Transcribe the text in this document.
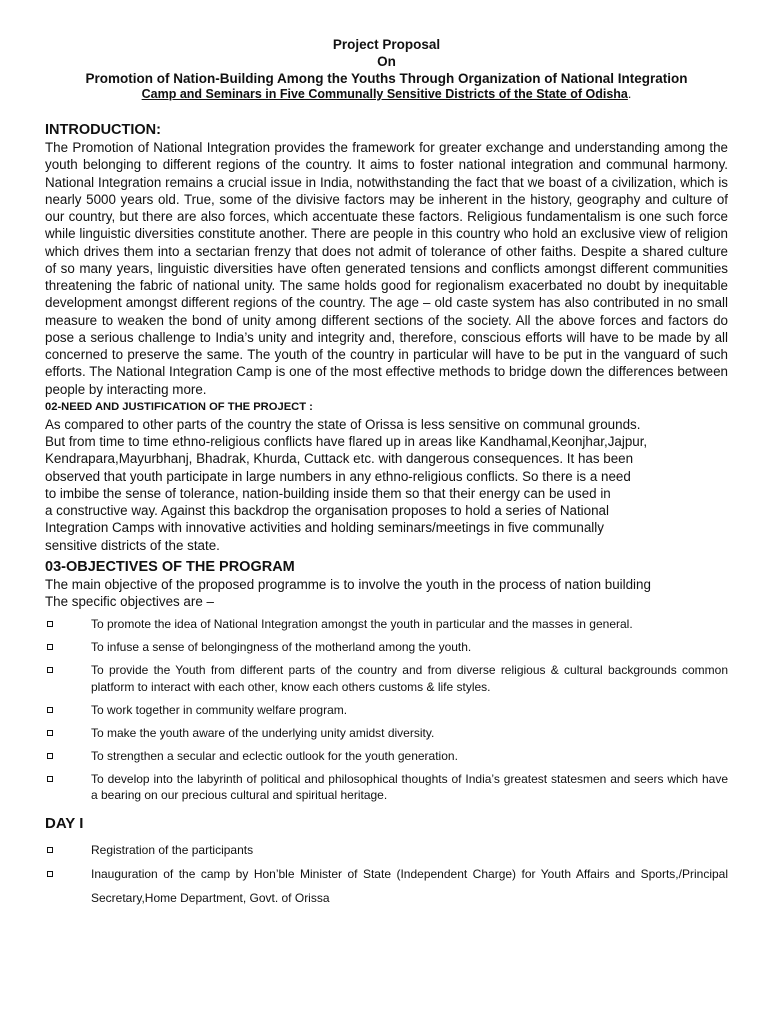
Project Proposal
On
Promotion of Nation-Building Among the Youths Through Organization of National Integration
Camp and Seminars in Five Communally Sensitive Districts of the State of Odisha.
INTRODUCTION:

The Promotion of National Integration provides the framework for greater exchange and understanding among the youth belonging to different regions of the country. It aims to foster national integration and communal harmony. National Integration remains a crucial issue in India, notwithstanding the fact that we boast of a civilization, which is nearly 5000 years old. True, some of the divisive factors may be inherent in the history, geography and culture of our country, but there are also forces, which accentuate these factors. Religious fundamentalism is one such force while linguistic diversities constitute another. There are people in this country who hold an exclusive view of religion which drives them into a sectarian frenzy that does not admit of tolerance of other faiths. Despite a shared culture of so many years, linguistic diversities have often generated tensions and conflicts amongst different communities threatening the fabric of national unity. The same holds good for regionalism exacerbated no doubt by inequitable development amongst different regions of the country. The age – old caste system has also contributed in no small measure to weaken the bond of unity among different sections of the society. All the above forces and factors do pose a serious challenge to India’s unity and integrity and, therefore, conscious efforts will have to be made by all concerned to preserve the same. The youth of the country in particular will have to be put in the vanguard of such efforts. The National Integration Camp is one of the most effective methods to bridge down the differences between people by interacting more.

02-NEED AND JUSTIFICATION OF THE PROJECT :

As compared to other parts of the country the state of Orissa is less sensitive on communal grounds.
But from time to time ethno-religious conflicts have flared up in areas like Kandhamal,Keonjhar,Jajpur,
Kendrapara,Mayurbhanj, Bhadrak, Khurda, Cuttack etc. with dangerous consequences. It has been
observed that youth participate in large numbers in any ethno-religious conflicts. So there is a need
to imbibe the sense of tolerance, nation-building inside them so that their energy can be used in
a constructive way. Against this backdrop the organisation proposes to hold a series of National
Integration Camps with innovative activities and holding seminars/meetings in five communally
sensitive districts of the state.

03-OBJECTIVES OF THE PROGRAM

The main objective of the proposed programme is to involve the youth in the process of nation building
The specific objectives are –

To promote the idea of National Integration amongst the youth in particular and the masses in general.
To infuse a sense of belongingness of the motherland among the youth.
To provide the Youth from different parts of the country and from diverse religious & cultural backgrounds common platform to interact with each other, know each others customs & life styles.
To work together in community welfare program.
To make the youth aware of the underlying unity amidst diversity.
To strengthen a secular and eclectic outlook for the youth generation.
To develop into the labyrinth of political and philosophical thoughts of India’s greatest statesmen and seers which have a bearing on our precious cultural and spiritual heritage.
DAY I
Registration of the participants
Inauguration of the camp by Hon’ble Minister of State (Independent Charge) for Youth Affairs and Sports,/Principal Secretary,Home Department, Govt. of Orissa
